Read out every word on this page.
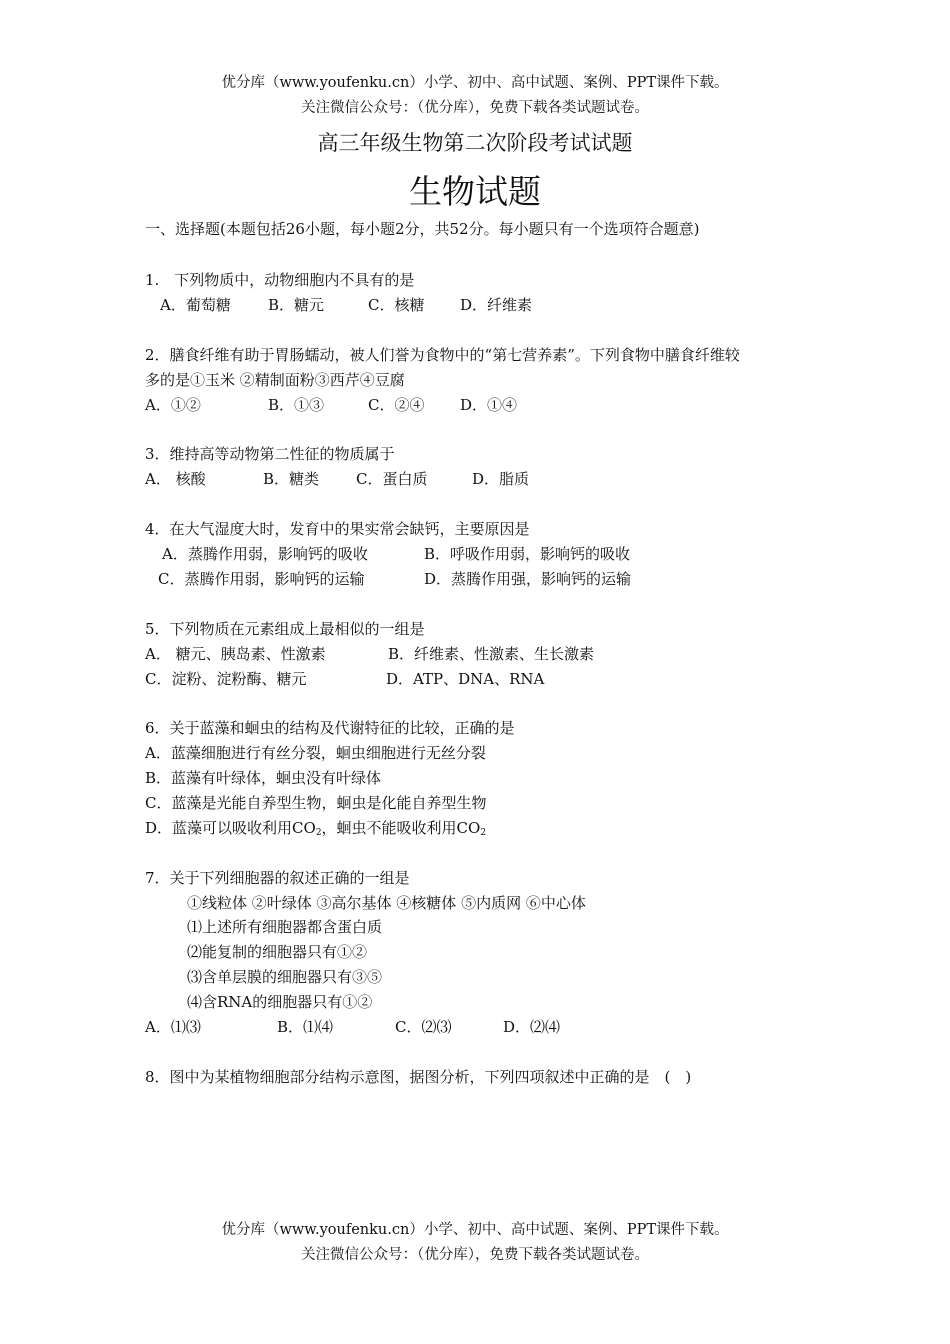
优分库（www.youfenku.cn）小学、初中、高中试题、案例、PPT课件下载。
关注微信公众号：（优分库），免费下载各类试题试卷。
高三年级生物第二次阶段考试试题
生物试题
一、选择题(本题包括26小题，每小题2分，共52分。每小题只有一个选项符合题意)
1.　下列物质中，动物细胞内不具有的是
A．葡萄糖 B．糖元	C．核糖 D．纤维素
2．膳食纤维有助于胃肠蠕动，被人们誉为食物中的“第七营养素”。下列食物中膳食纤维较
多的是①玉米 ②精制面粉③西芹④豆腐
A．①②	B．①③	C．②④ D．①④
3．维持高等动物第二性征的物质属于
A． 核酸	B．糖类 C．蛋白质	D．脂质
4．在大气湿度大时，发育中的果实常会缺钙，主要原因是
A．蒸腾作用弱，影响钙的吸收	B．呼吸作用弱，影响钙的吸收
C．蒸腾作用弱，影响钙的运输	D．蒸腾作用强，影响钙的运输
5．下列物质在元素组成上最相似的一组是
A． 糖元、胰岛素、性激素	B．纤维素、性激素、生长激素
C．淀粉、淀粉酶、糖元	D．ATP、DNA、RNA
6．关于蓝藻和蛔虫的结构及代谢特征的比较，正确的是
A．蓝藻细胞进行有丝分裂，蛔虫细胞进行无丝分裂
B．蓝藻有叶绿体，蛔虫没有叶绿体
C．蓝藻是光能自养型生物，蛔虫是化能自养型生物
D．蓝藻可以吸收利用$CO_2$，蛔虫不能吸收利用$CO_2$
7．关于下列细胞器的叙述正确的一组是
①线粒体 ②叶绿体 ③高尔基体 ④核糖体 ⑤内质网 ⑥中心体
⑴上述所有细胞器都含蛋白质
⑵能复制的细胞器只有①②
⑶含单层膜的细胞器只有③⑤
⑷含RNA的细胞器只有①②
A．⑴⑶	B．⑴⑷	C．⑵⑶	D．⑵⑷
8．图中为某植物细胞部分结构示意图，据图分析，下列四项叙述中正确的是　(　)
优分库（www.youfenku.cn）小学、初中、高中试题、案例、PPT课件下载。
关注微信公众号：（优分库），免费下载各类试题试卷。
